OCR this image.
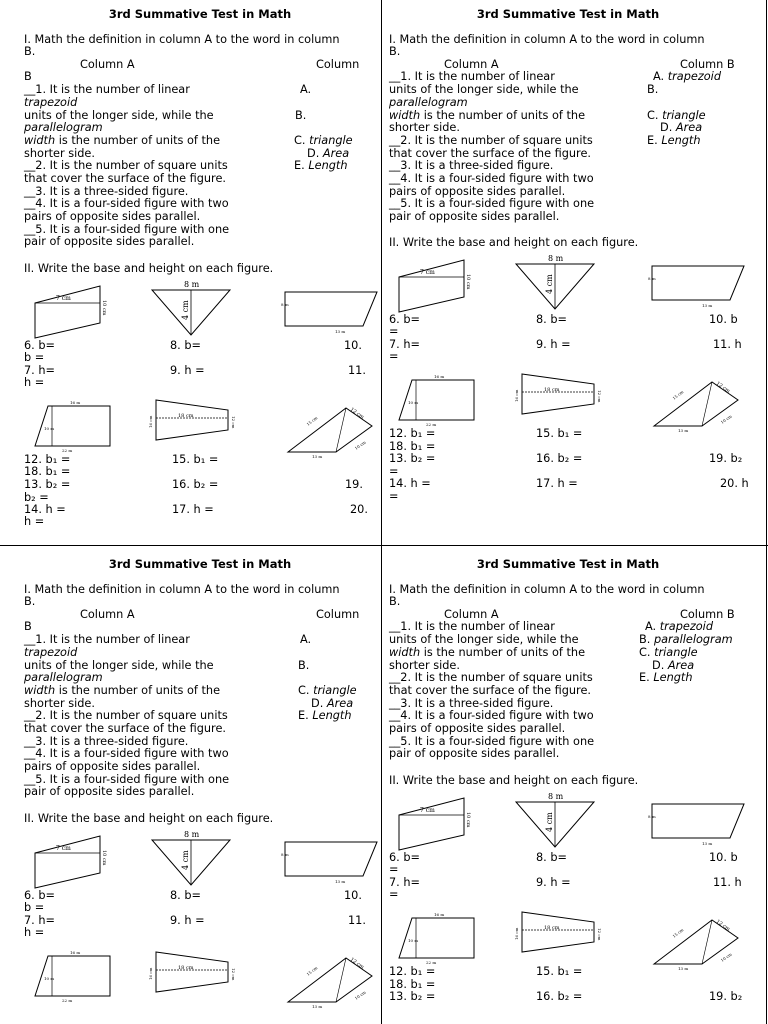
3rd Summative Test in Math
I. Math the definition in column A to the word in column
B.
Column A	Column
B
__1. It is the number of linear	A.
trapezoid
units of the longer side, while the	B.
parallelogram
width is the number of units of the	C. triangle
shorter side.	D. Area
__2. It is the number of square units	E. Length
that cover the surface of the figure.
__3. It is a three-sided figure.
__4. It is a four-sided figure with two
pairs of opposite sides parallel.
__5. It is a four-sided figure with one
pair of opposite sides parallel.
II. Write the base and height on each figure.
7 cm
10 cm
8 m
4 cm	8 m
13 m
6. b=	8. b=	10.
b =
7. h=	9. h =	11.
h =
16 m
10 m
22 m
16 cm	18 cm	12 cm	15 cm
12 cm
10 cm
13 m
12. b₁ =	15. b₁ =
18. b₁ =
13. b₂ =	16. b₂ =	19.
b₂ =
14. h =	17. h =	20.
h =
3rd Summative Test in Math
I. Math the definition in column A to the word in column
B.
Column A	Column B
__1. It is the number of linear	A. trapezoid
units of the longer side, while the	B.
parallelogram
width is the number of units of the	C. triangle
shorter side.	D. Area
__2. It is the number of square units	E. Length
that cover the surface of the figure.
__3. It is a three-sided figure.
__4. It is a four-sided figure with two
pairs of opposite sides parallel.
__5. It is a four-sided figure with one
pair of opposite sides parallel.
II. Write the base and height on each figure.
7 cm
10 cm
8 m
4 cm	8 m
13 m
6. b=	8. b=	10. b
=
7. h=	9. h =	11. h
=
16 m
10 m
22 m
16 cm	18 cm	12 cm	15 cm
12 cm
10 cm
13 m
12. b₁ =	15. b₁ =
18. b₁ =
13. b₂ =	16. b₂ =	19. b₂
=
14. h =	17. h =	20. h
=
3rd Summative Test in Math
I. Math the definition in column A to the word in column
B.
Column A	Column
B
__1. It is the number of linear	A.
trapezoid
units of the longer side, while the	B.
parallelogram
width is the number of units of the	C. triangle
shorter side.	D. Area
__2. It is the number of square units	E. Length
that cover the surface of the figure.
__3. It is a three-sided figure.
__4. It is a four-sided figure with two
pairs of opposite sides parallel.
__5. It is a four-sided figure with one
pair of opposite sides parallel.
II. Write the base and height on each figure.
7 cm
10 cm
8 m
4 cm	8 m
13 m
6. b=	8. b=	10.
b =
7. h=	9. h =	11.
h =
16 m
10 m
22 m
16 cm	18 cm	12 cm	15 cm
12 cm
10 cm
13 m
3rd Summative Test in Math
I. Math the definition in column A to the word in column
B.
Column A	Column B
__1. It is the number of linear	A. trapezoid
units of the longer side, while the	B. parallelogram
width is the number of units of the	C. triangle
shorter side.	D. Area
__2. It is the number of square units	E. Length
that cover the surface of the figure.
__3. It is a three-sided figure.
__4. It is a four-sided figure with two
pairs of opposite sides parallel.
__5. It is a four-sided figure with one
pair of opposite sides parallel.
II. Write the base and height on each figure.
7 cm
10 cm
8 m
4 cm	8 m
13 m
6. b=	8. b=	10. b
=
7. h=	9. h =	11. h
=
16 m
10 m
22 m
16 cm	18 cm	12 cm	15 cm
12 cm
10 cm
13 m
12. b₁ =	15. b₁ =
18. b₁ =
13. b₂ =	16. b₂ =	19. b₂
